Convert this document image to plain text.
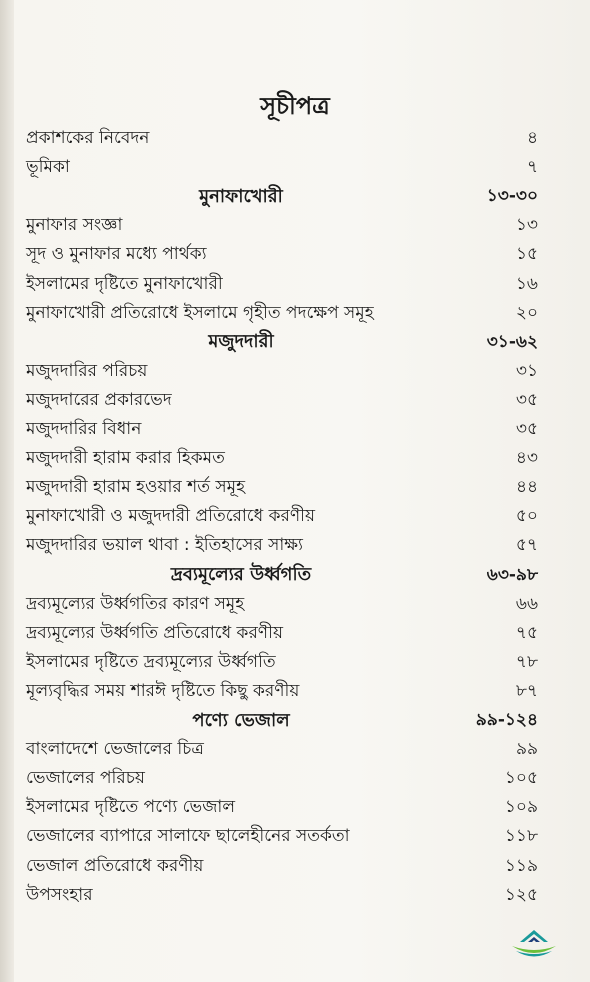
সূচীপত্র
প্রকাশকের নিবেদন	৪
ভূমিকা	৭
মুনাফাখোরী	১৩-৩০
মুনাফার সংজ্ঞা	১৩
সূদ ও মুনাফার মধ্যে পার্থক্য	১৫
ইসলামের দৃষ্টিতে মুনাফাখোরী	১৬
মুনাফাখোরী প্রতিরোধে ইসলামে গৃহীত পদক্ষেপ সমূহ	২০
মজুদদারী	৩১-৬২
মজুদদারির পরিচয়	৩১
মজুদদারের প্রকারভেদ	৩৫
মজুদদারির বিধান	৩৫
মজুদদারী হারাম করার হিকমত	৪৩
মজুদদারী হারাম হওয়ার শর্ত সমূহ	৪৪
মুনাফাখোরী ও মজুদদারী প্রতিরোধে করণীয়	৫০
মজুদদারির ভয়াল থাবা : ইতিহাসের সাক্ষ্য	৫৭
দ্রব্যমূল্যের উর্ধ্বগতি	৬৩-৯৮
দ্রব্যমূল্যের উর্ধ্বগতির কারণ সমূহ	৬৬
দ্রব্যমূল্যের উর্ধ্বগতি প্রতিরোধে করণীয়	৭৫
ইসলামের দৃষ্টিতে দ্রব্যমূল্যের উর্ধ্বগতি	৭৮
মূল্যবৃদ্ধির সময় শারঈ দৃষ্টিতে কিছু করণীয়	৮৭
পণ্যে ভেজাল	৯৯-১২৪
বাংলাদেশে ভেজালের চিত্র	৯৯
ভেজালের পরিচয়	১০৫
ইসলামের দৃষ্টিতে পণ্যে ভেজাল	১০৯
ভেজালের ব্যাপারে সালাফে ছালেহীনের সতর্কতা	১১৮
ভেজাল প্রতিরোধে করণীয়	১১৯
উপসংহার	১২৫
